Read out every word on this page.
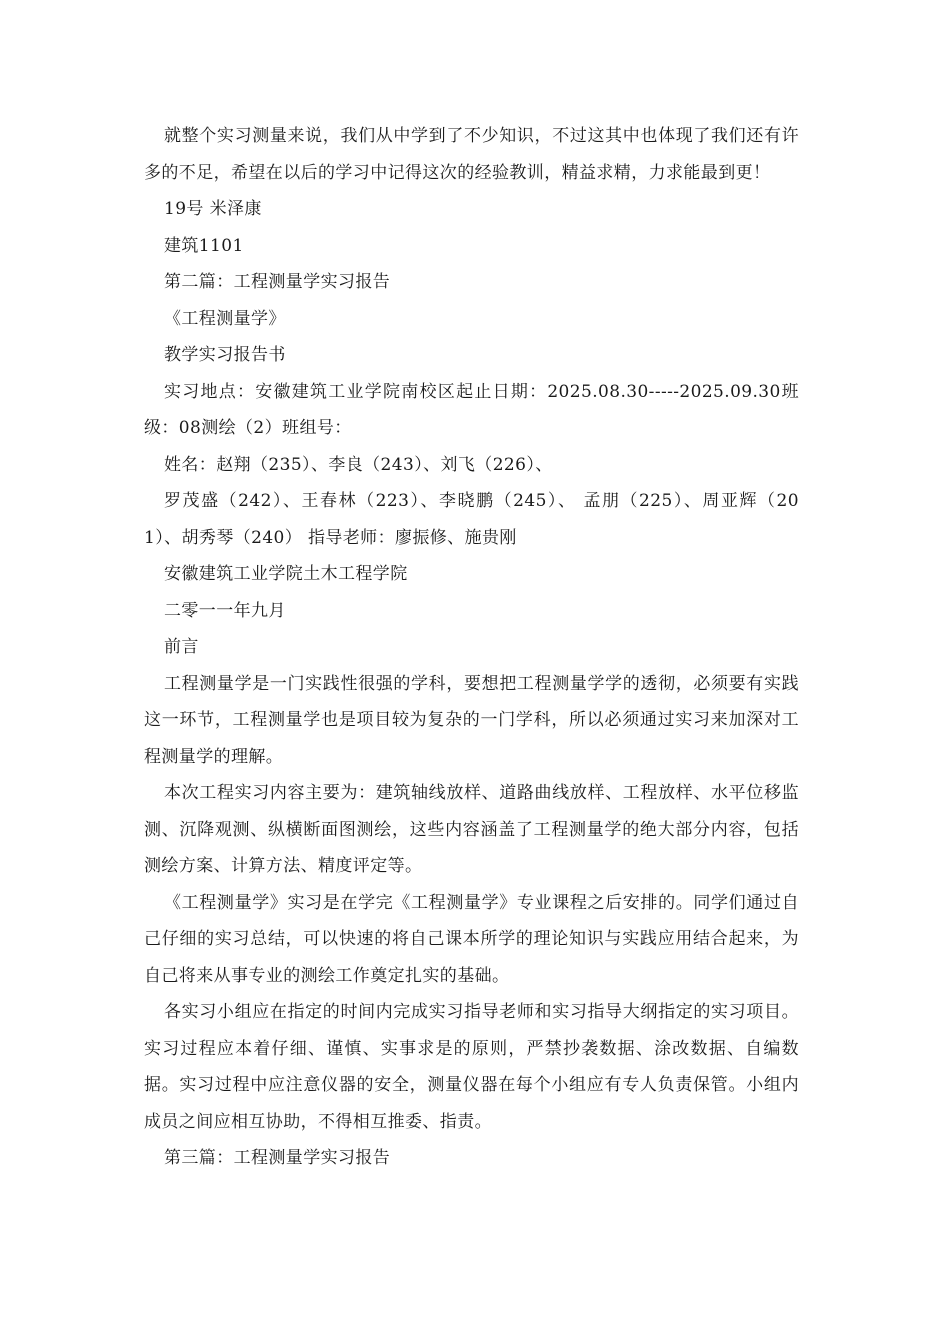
就整个实习测量来说，我们从中学到了不少知识，不过这其中也体现了我们还有许多的不足，希望在以后的学习中记得这次的经验教训，精益求精，力求能最到更！

19号 米泽康

建筑1101

第二篇：工程测量学实习报告

《工程测量学》

教学实习报告书

实习地点：安徽建筑工业学院南校区起止日期：2025.08.30-----2025.09.30班级：08测绘（2）班组号：

姓名：赵翔（235）、李良（243）、刘飞（226）、

罗茂盛（242）、王春林（223）、李晓鹏（245）、 孟朋（225）、周亚辉（201）、胡秀琴（240） 指导老师：廖振修、施贵刚

安徽建筑工业学院土木工程学院

二零一一年九月

前言

工程测量学是一门实践性很强的学科，要想把工程测量学学的透彻，必须要有实践这一环节，工程测量学也是项目较为复杂的一门学科，所以必须通过实习来加深对工程测量学的理解。

本次工程实习内容主要为：建筑轴线放样、道路曲线放样、工程放样、水平位移监测、沉降观测、纵横断面图测绘，这些内容涵盖了工程测量学的绝大部分内容，包括测绘方案、计算方法、精度评定等。

《工程测量学》实习是在学完《工程测量学》专业课程之后安排的。同学们通过自己仔细的实习总结，可以快速的将自己课本所学的理论知识与实践应用结合起来，为自己将来从事专业的测绘工作奠定扎实的基础。

各实习小组应在指定的时间内完成实习指导老师和实习指导大纲指定的实习项目。实习过程应本着仔细、谨慎、实事求是的原则，严禁抄袭数据、涂改数据、自编数据。实习过程中应注意仪器的安全，测量仪器在每个小组应有专人负责保管。小组内成员之间应相互协助，不得相互推委、指责。

第三篇：工程测量学实习报告
